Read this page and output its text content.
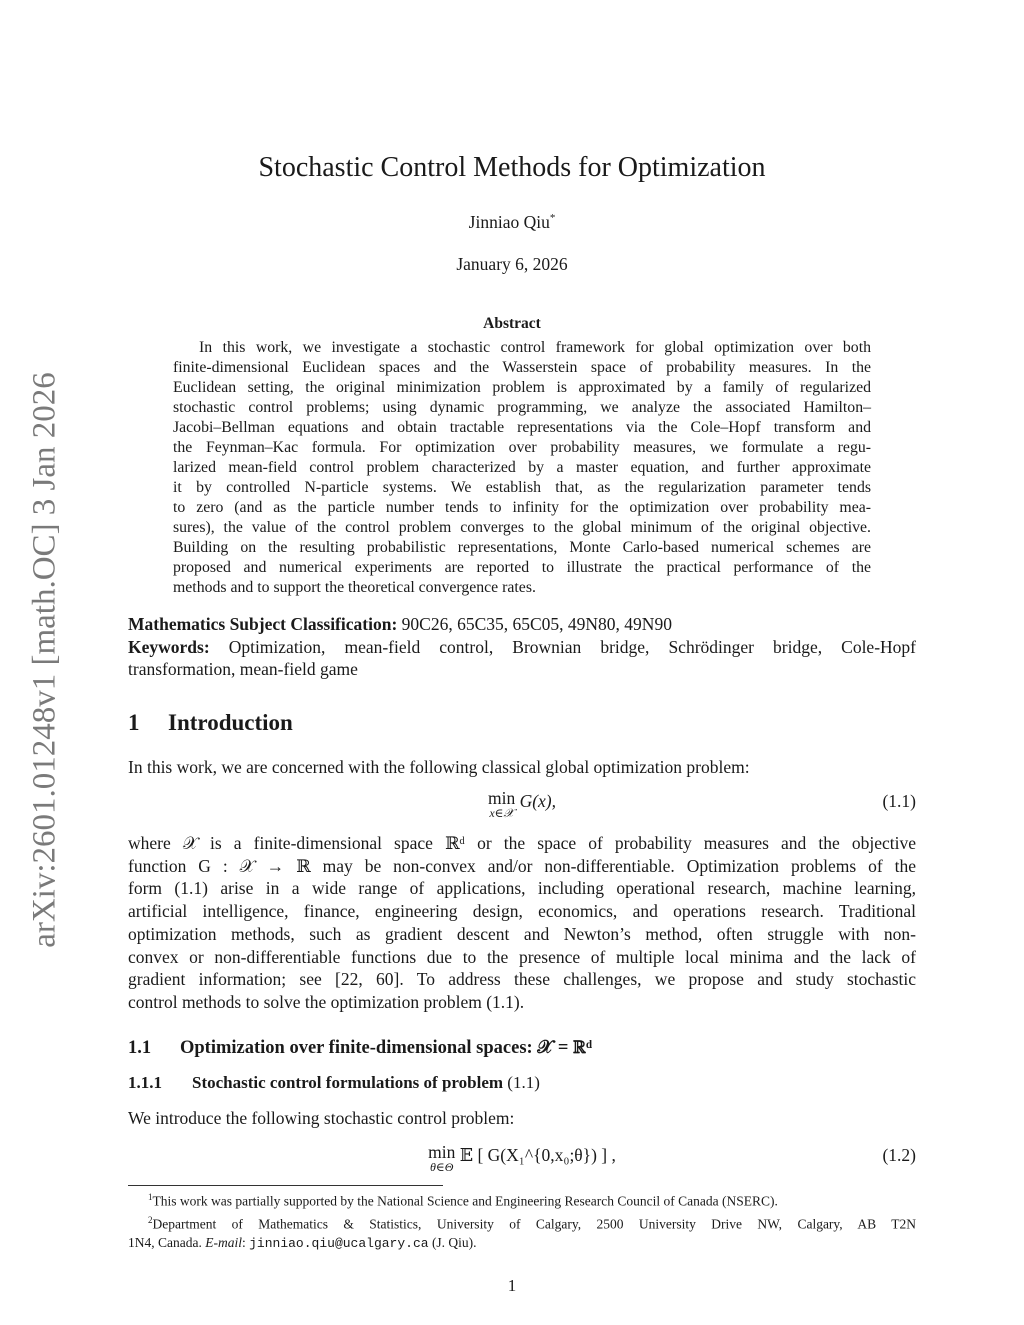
arXiv:2601.01248v1 [math.OC] 3 Jan 2026
Stochastic Control Methods for Optimization
Jinniao Qiu*
January 6, 2026
Abstract
In this work, we investigate a stochastic control framework for global optimization over both
finite-dimensional Euclidean spaces and the Wasserstein space of probability measures. In the
Euclidean setting, the original minimization problem is approximated by a family of regularized
stochastic control problems; using dynamic programming, we analyze the associated Hamilton–
Jacobi–Bellman equations and obtain tractable representations via the Cole–Hopf transform and
the Feynman–Kac formula. For optimization over probability measures, we formulate a regu-
larized mean-field control problem characterized by a master equation, and further approximate
it by controlled N-particle systems. We establish that, as the regularization parameter tends
to zero (and as the particle number tends to infinity for the optimization over probability mea-
sures), the value of the control problem converges to the global minimum of the original objective.
Building on the resulting probabilistic representations, Monte Carlo-based numerical schemes are
proposed and numerical experiments are reported to illustrate the practical performance of the
methods and to support the theoretical convergence rates.
Mathematics Subject Classification: 90C26, 65C35, 65C05, 49N80, 49N90
Keywords: Optimization, mean-field control, Brownian bridge, Schrödinger bridge, Cole-Hopf
transformation, mean-field game
1 Introduction
In this work, we are concerned with the following classical global optimization problem:
min
x∈𝒳
G(x),	(1.1)
where 𝒳 is a finite-dimensional space ℝᵈ or the space of probability measures and the objective
function G : 𝒳 → ℝ may be non-convex and/or non-differentiable. Optimization problems of the
form (1.1) arise in a wide range of applications, including operational research, machine learning,
artificial intelligence, finance, engineering design, economics, and operations research. Traditional
optimization methods, such as gradient descent and Newton’s method, often struggle with non-
convex or non-differentiable functions due to the presence of multiple local minima and the lack of
gradient information; see [22, 60]. To address these challenges, we propose and study stochastic
control methods to solve the optimization problem (1.1).
1.1 Optimization over finite-dimensional spaces: 𝒳 = ℝᵈ
1.1.1 Stochastic control formulations of problem (1.1)
We introduce the following stochastic control problem:
min
θ∈Θ
𝔼 [ G(X₁^{0,x₀;θ}) ] ,	(1.2)
$^1$This work was partially supported by the National Science and Engineering Research Council of Canada (NSERC).
$^2$Department of Mathematics & Statistics, University of Calgary, 2500 University Drive NW, Calgary, AB T2N
1N4, Canada. E-mail: jinniao.qiu@ucalgary.ca (J. Qiu).
1
